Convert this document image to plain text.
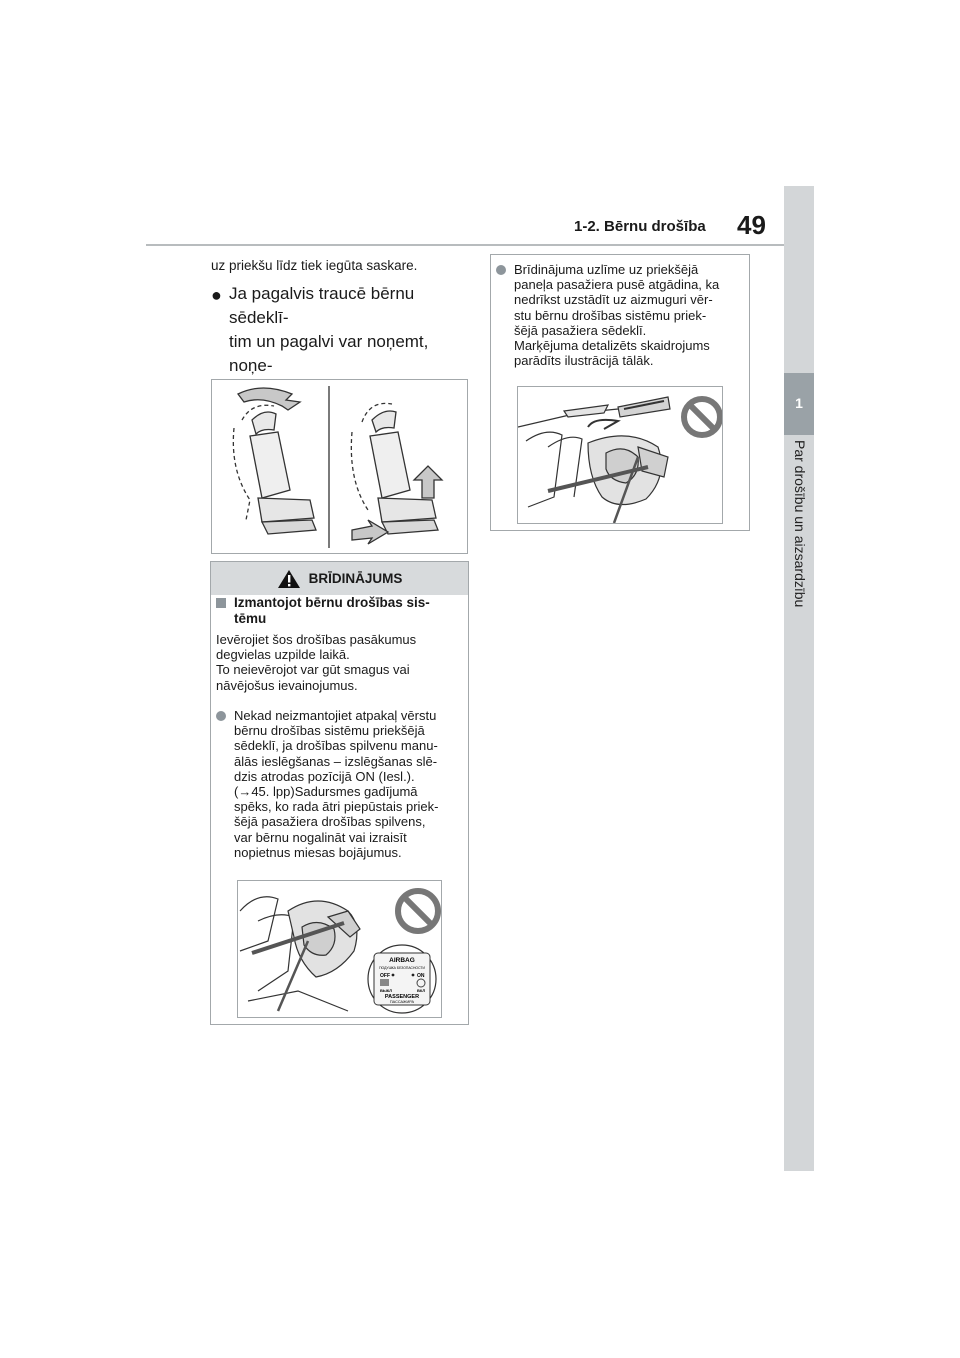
1-2. Bērnu drošība 49
1
Par drošību un aizsardzību
uz priekšu līdz tiek iegūta saskare.
● Ja pagalvis traucē bērnu sēdeklī-
tim un pagalvi var noņemt, noņe-
BRĪDINĀJUMS
Izmantojot bērnu drošības sis-
tēmu
Ievērojiet šos drošības pasākumus
degvielas uzpilde laikā.
To neievērojot var gūt smagus vai
nāvējošus ievainojumus.
Nekad neizmantojiet atpakaļ vērstu
bērnu drošības sistēmu priekšējā
sēdeklī, ja drošības spilvenu manu-
ālās ieslēgšanas – izslēgšanas slē-
dzis atrodas pozīcijā ON (Iesl.).
(→45. lpp)Sadursmes gadījumā
spēks, ko rada ātri piepūstais priek-
šējā pasažiera drošības spilvens,
var bērnu nogalināt vai izraisīt
nopietnus miesas bojājumus.
AIRBAG
ПОДУШКА БЕЗОПАСНОСТИ
OFF	ON
ВЫКЛ	ВКЛ
PASSENGER
ПАССАЖИРА
Brīdinājuma uzlīme uz priekšējā
paneļa pasažiera pusē atgādina, ka
nedrīkst uzstādīt uz aizmuguri vēr-
stu bērnu drošības sistēmu priek-
šējā pasažiera sēdeklī.
Marķējuma detalizēts skaidrojums
parādīts ilustrācijā tālāk.
